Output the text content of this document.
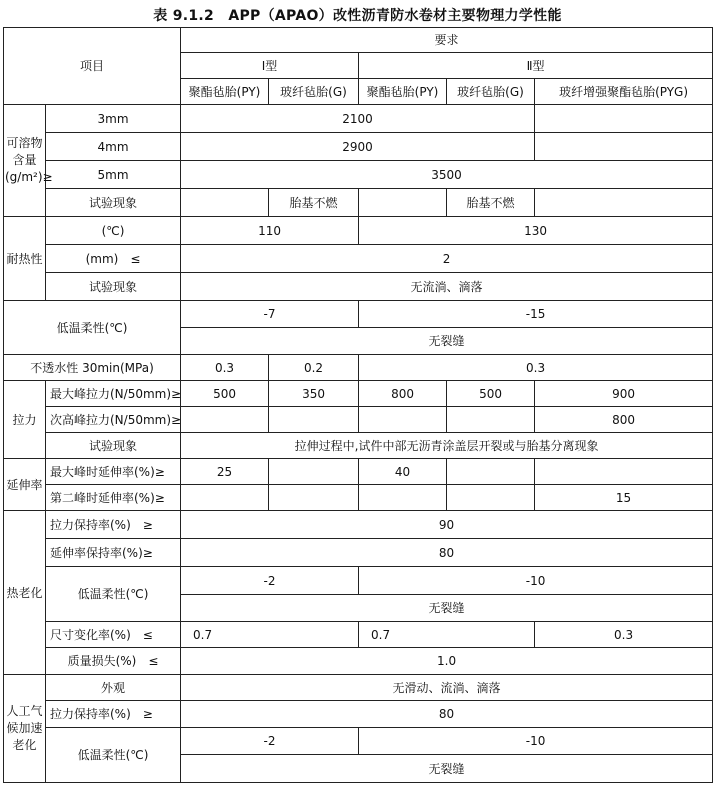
表 9.1.2　APP（APAO）改性沥青防水卷材主要物理力学性能
项目		要求				
		Ⅰ型		Ⅱ型		
		聚酯毡胎(PY)	玻纤毡胎(G)	聚酯毡胎(PY)	玻纤毡胎(G)	玻纤增强聚酯毡胎(PYG)
可溶物含量(g/m²)≥	3mm	2100				
	4mm	2900				
	5mm	3500				
	试验现象		胎基不燃		胎基不燃	
耐热性	(℃)	110		130		
	(mm)　≤	2				
	试验现象	无流淌、滴落				
低温柔性(℃)		-7		-15		
		无裂缝				
不透水性 30min(MPa)		0.3	0.2	0.3		
拉力	最大峰拉力(N/50mm)≥	500	350	800	500	900
	次高峰拉力(N/50mm)≥					800
	试验现象	拉伸过程中,试件中部无沥青涂盖层开裂或与胎基分离现象				
延伸率	最大峰时延伸率(%)≥	25		40		
	第二峰时延伸率(%)≥					15
热老化	拉力保持率(%)　≥	90				
	延伸率保持率(%)≥	80				
	低温柔性(℃)	-2		-10		
		无裂缝				
	尺寸变化率(%)　≤	0.7		0.7		0.3
	质量损失(%)　≤	1.0				
人工气候加速老化	外观	无滑动、流淌、滴落				
	拉力保持率(%)　≥	80				
	低温柔性(℃)	-2		-10		
		无裂缝				
